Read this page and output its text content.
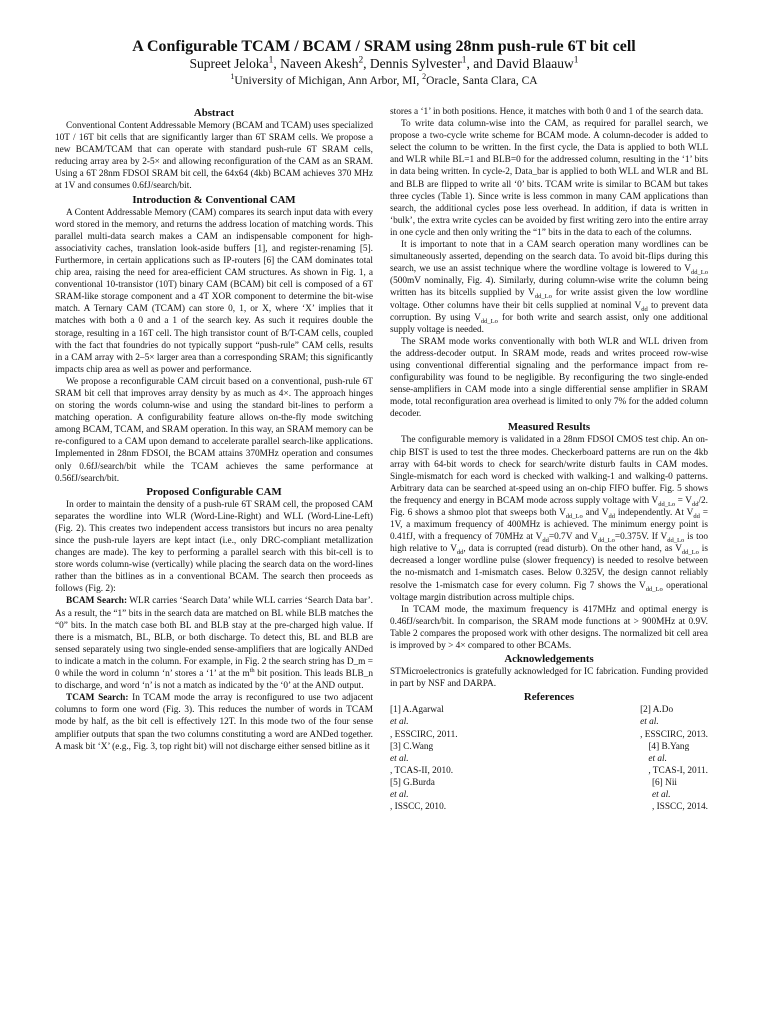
A Configurable TCAM / BCAM / SRAM using 28nm push-rule 6T bit cell
Supreet Jeloka$^1$, Naveen Akesh$^2$, Dennis Sylvester$^1$, and David Blaauw$^1$
$^1$University of Michigan, Ann Arbor, MI, $^2$Oracle, Santa Clara, CA
Abstract

Conventional Content Addressable Memory (BCAM and TCAM) uses specialized 10T / 16T bit cells that are significantly larger than 6T SRAM cells. We propose a new BCAM/TCAM that can operate with standard push-rule 6T SRAM cells, reducing array area by 2-5× and allowing reconfiguration of the CAM as an SRAM. Using a 6T 28nm FDSOI SRAM bit cell, the 64x64 (4kb) BCAM achieves 370 MHz at 1V and consumes 0.6fJ/search/bit.

Introduction & Conventional CAM

A Content Addressable Memory (CAM) compares its search input data with every word stored in the memory, and returns the address location of matching words. This parallel multi-data search makes a CAM an indispensable component for high-associativity caches, translation look-aside buffers [1], and register-renaming [5]. Furthermore, in certain applications such as IP-routers [6] the CAM dominates total chip area, raising the need for area-efficient CAM structures. As shown in Fig. 1, a conventional 10-transistor (10T) binary CAM (BCAM) bit cell is composed of a 6T SRAM-like storage component and a 4T XOR component to determine the bit-wise match. A Ternary CAM (TCAM) can store 0, 1, or X, where ‘X’ implies that it matches with both a 0 and a 1 of the search key. As such it requires double the storage, resulting in a 16T cell. The high transistor count of B/T-CAM cells, coupled with the fact that foundries do not typically support “push-rule” CAM cells, results in a CAM array with 2–5× larger area than a corresponding SRAM; this significantly impacts chip area as well as power and performance.

We propose a reconfigurable CAM circuit based on a conventional, push-rule 6T SRAM bit cell that improves array density by as much as 4×. The approach hinges on storing the words column-wise and using the standard bit-lines to perform a matching operation. A configurability feature allows on-the-fly mode switching among BCAM, TCAM, and SRAM operation. In this way, an SRAM memory can be re-configured to a CAM upon demand to accelerate parallel search-like applications. Implemented in 28nm FDSOI, the BCAM attains 370MHz operation and consumes only 0.6fJ/search/bit while the TCAM achieves the same performance at 0.56fJ/search/bit.

Proposed Configurable CAM

In order to maintain the density of a push-rule 6T SRAM cell, the proposed CAM separates the wordline into WLR (Word-Line-Right) and WLL (Word-Line-Left) (Fig. 2). This creates two independent access transistors but incurs no area penalty since the push-rule layers are kept intact (i.e., only DRC-compliant metallization changes are made). The key to performing a parallel search with this bit-cell is to store words column-wise (vertically) while placing the search data on the word-lines rather than the bitlines as in a conventional BCAM. The search then proceeds as follows (Fig. 2):

BCAM Search: WLR carries ‘Search Data’ while WLL carries ‘Search Data bar’. As a result, the “1” bits in the search data are matched on BL while BLB matches the “0” bits. In the match case both BL and BLB stay at the pre-charged high value. If there is a mismatch, BL, BLB, or both discharge. To detect this, BL and BLB are sensed separately using two single-ended sense-amplifiers that are logically ANDed to indicate a match in the column. For example, in Fig. 2 the search string has D_m = 0 while the word in column ‘n’ stores a ‘1’ at the $m^{th}$ bit position. This leads BLB_n to discharge, and word ‘n’ is not a match as indicated by the ‘0’ at the AND output.

TCAM Search: In TCAM mode the array is reconfigured to use two adjacent columns to form one word (Fig. 3). This reduces the number of words in TCAM mode by half, as the bit cell is effectively 12T. In this mode two of the four sense amplifier outputs that span the two columns constituting a word are ANDed together. A mask bit ‘X’ (e.g., Fig. 3, top right bit) will not discharge either sensed bitline as it

stores a ‘1’ in both positions. Hence, it matches with both 0 and 1 of the search data.

To write data column-wise into the CAM, as required for parallel search, we propose a two-cycle write scheme for BCAM mode. A column-decoder is added to select the column to be written. In the first cycle, the Data is applied to both WLL and WLR while BL=1 and BLB=0 for the addressed column, resulting in the ‘1’ bits in data being written. In cycle-2, Data_bar is applied to both WLL and WLR and BL and BLB are flipped to write all ‘0’ bits. TCAM write is similar to BCAM but takes three cycles (Table 1). Since write is less common in many CAM applications than search, the additional cycles pose less overhead. In addition, if data is written in ‘bulk’, the extra write cycles can be avoided by first writing zero into the entire array in one cycle and then only writing the “1” bits in the data to each of the columns.

It is important to note that in a CAM search operation many wordlines can be simultaneously asserted, depending on the search data. To avoid bit-flips during this search, we use an assist technique where the wordline voltage is lowered to $V_{dd\_Lo}$ (500mV nominally, Fig. 4). Similarly, during column-wise write the column being written has its bitcells supplied by $V_{dd\_Lo}$ for write assist given the low wordline voltage. Other columns have their bit cells supplied at nominal $V_{dd}$ to prevent data corruption. By using $V_{dd\_Lo}$ for both write and search assist, only one additional supply voltage is needed.

The SRAM mode works conventionally with both WLR and WLL driven from the address-decoder output. In SRAM mode, reads and writes proceed row-wise using conventional differential signaling and the performance impact from re-configurability was found to be negligible. By reconfiguring the two single-ended sense-amplifiers in CAM mode into a single differential sense amplifier in SRAM mode, total reconfiguration area overhead is limited to only 7% for the added column decoder.

Measured Results

The configurable memory is validated in a 28nm FDSOI CMOS test chip. An on-chip BIST is used to test the three modes. Checkerboard patterns are run on the 4kb array with 64-bit words to check for search/write disturb faults in CAM modes. Single-mismatch for each word is checked with walking-1 and walking-0 patterns. Arbitrary data can be searched at-speed using an on-chip FIFO buffer. Fig. 5 shows the frequency and energy in BCAM mode across supply voltage with $V_{dd\_Lo} = V_{dd}/2$. Fig. 6 shows a shmoo plot that sweeps both $V_{dd\_Lo}$ and $V_{dd}$ independently. At $V_{dd} = 1V$, a maximum frequency of 400MHz is achieved. The minimum energy point is 0.41fJ, with a frequency of 70MHz at $V_{dd}=0.7V$ and $V_{dd\_Lo}=0.375V$. If $V_{dd\_Lo}$ is too high relative to $V_{dd}$, data is corrupted (read disturb). On the other hand, as $V_{dd\_Lo}$ is decreased a longer wordline pulse (slower frequency) is needed to resolve between the no-mismatch and 1-mismatch cases. Below 0.325V, the design cannot reliably resolve the 1-mismatch case for every column. Fig 7 shows the $V_{dd\_Lo}$ operational voltage margin distribution across multiple chips.

In TCAM mode, the maximum frequency is 417MHz and optimal energy is 0.46fJ/search/bit. In comparison, the SRAM mode functions at > 900MHz at 0.9V. Table 2 compares the proposed work with other designs. The normalized bit cell area is improved by > 4× compared to other BCAMs.

Acknowledgements

STMicroelectronics is gratefully acknowledged for IC fabrication. Funding provided in part by NSF and DARPA.

References
[1] A.Agarwal
et al.
, ESSCIRC, 2011.
[2] A.Do
et al.
, ESSCIRC, 2013.
[3] C.Wang
et al.
, TCAS-II, 2010.
[4] B.Yang
et al.
, TCAS-I, 2011.
[5] G.Burda
et al.
, ISSCC, 2010.
[6] Nii
et al.
, ISSCC, 2014.
